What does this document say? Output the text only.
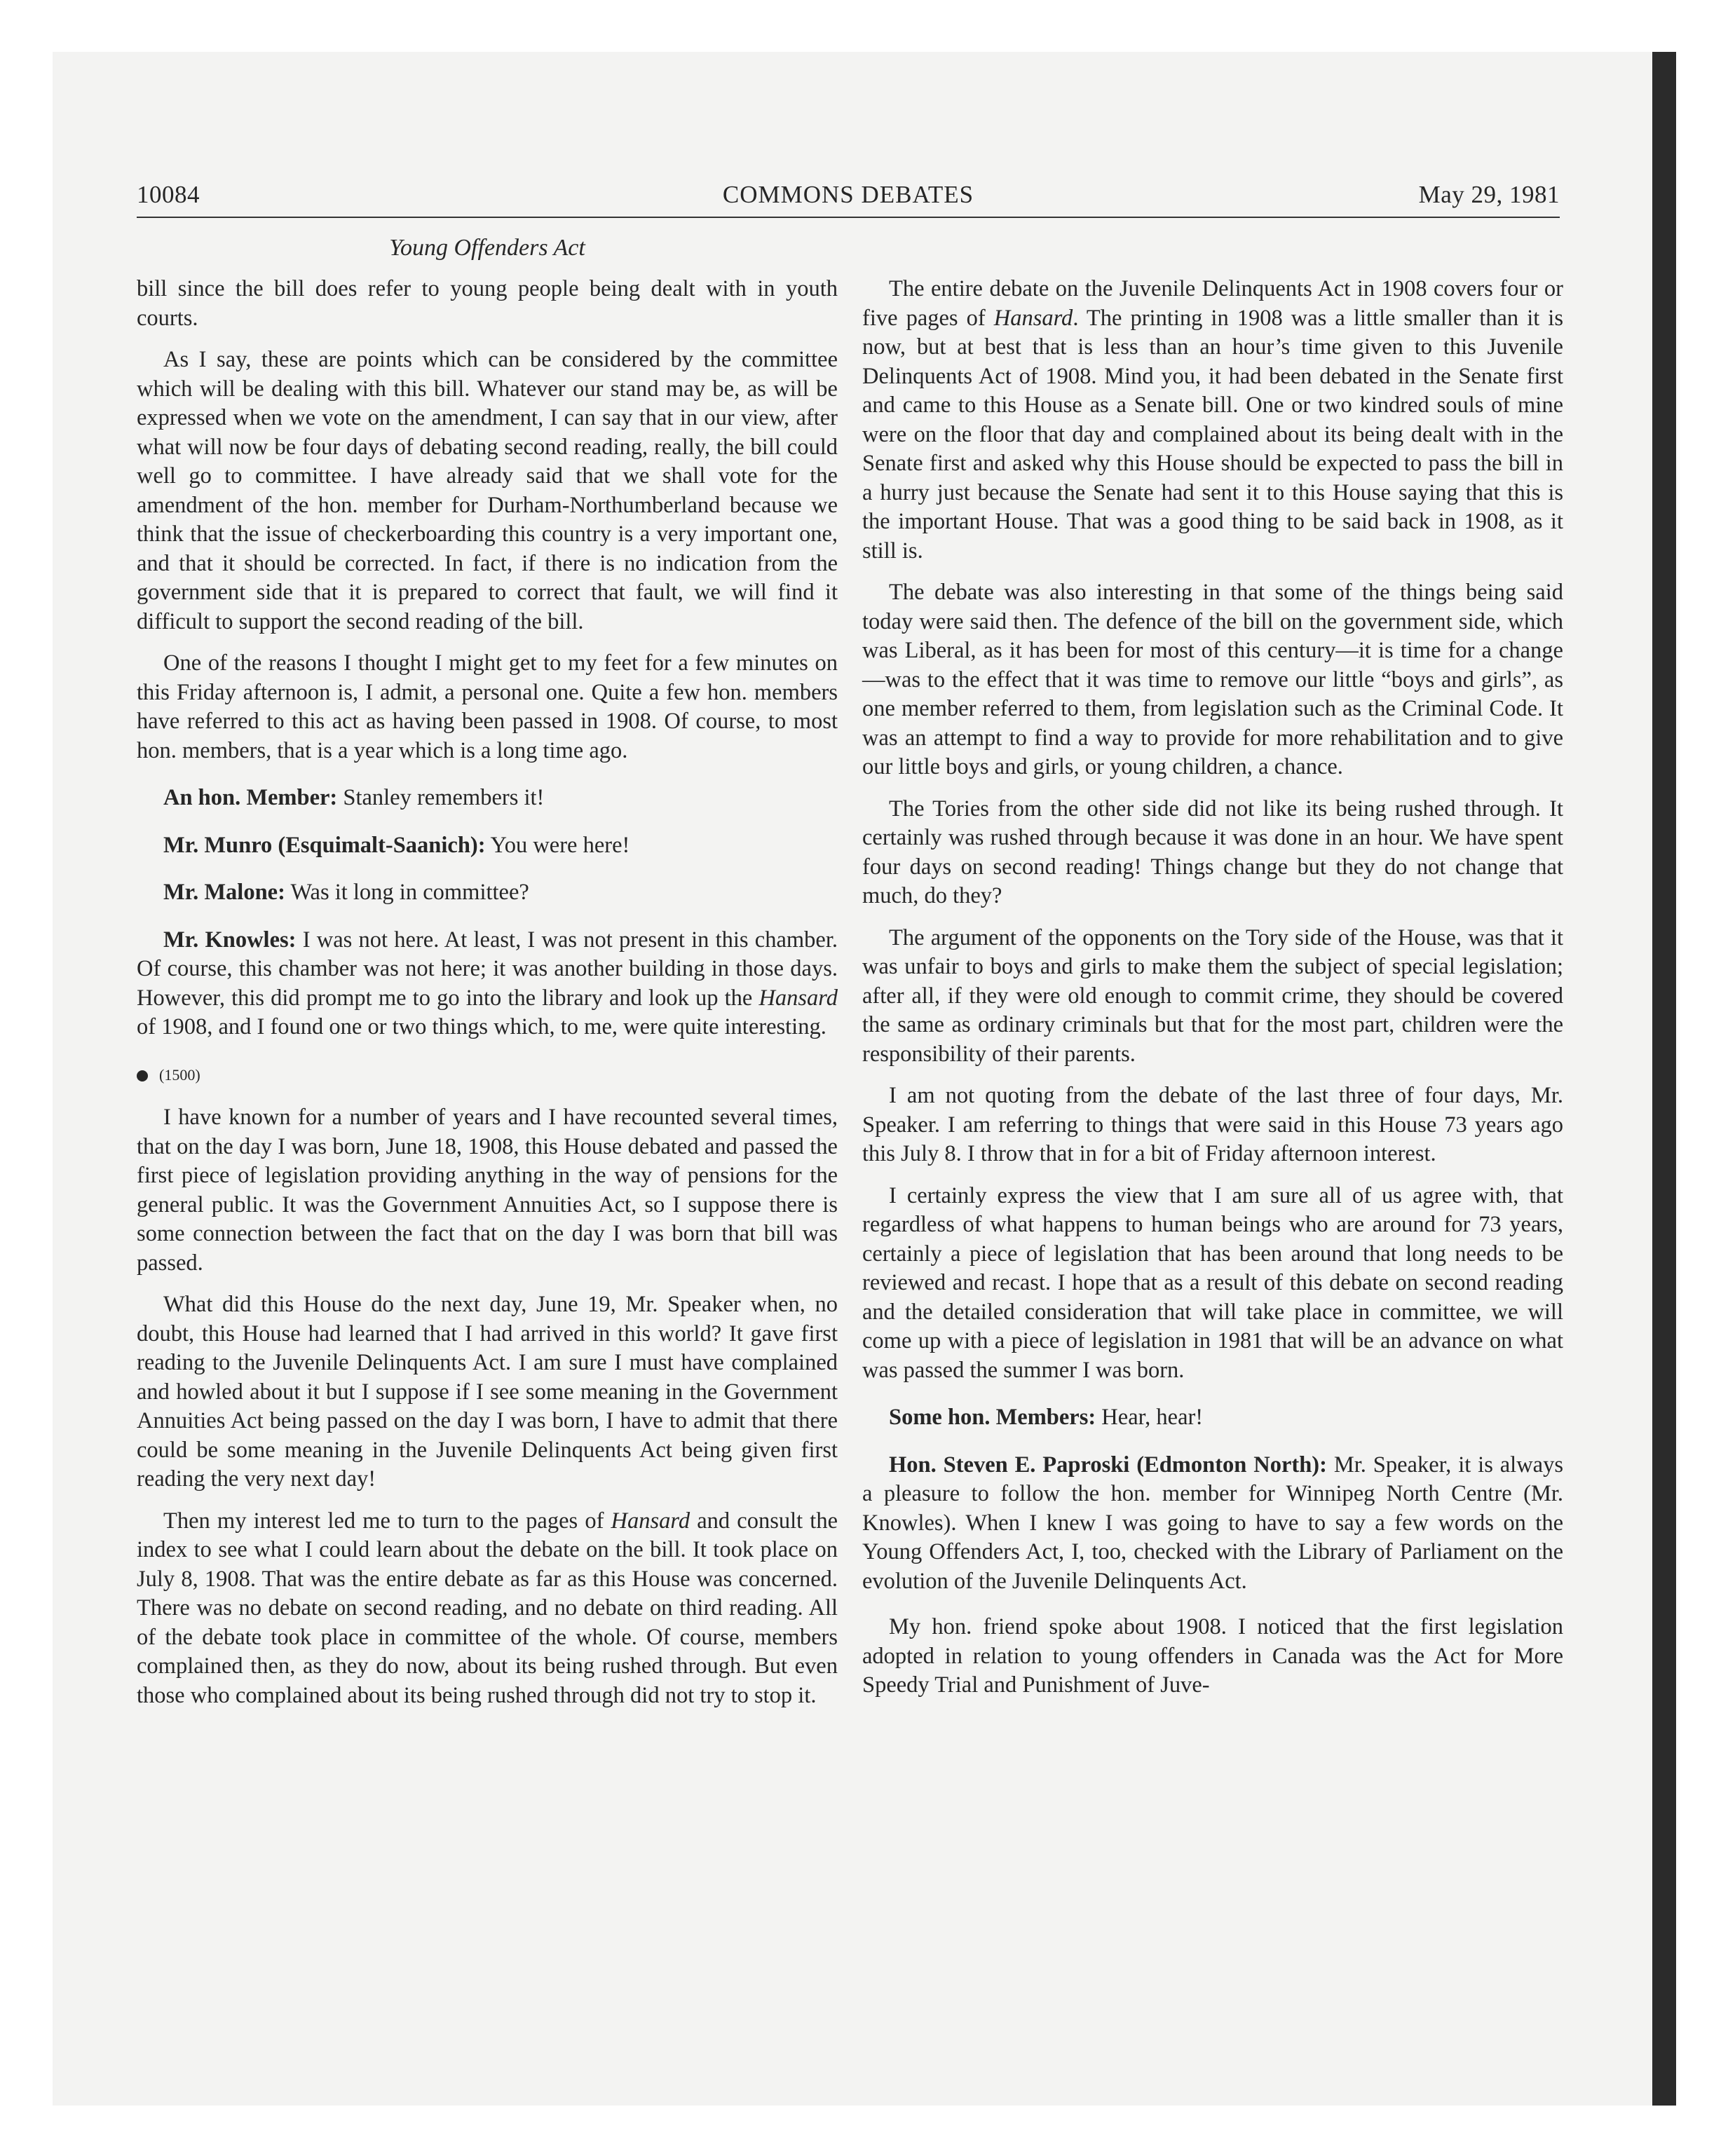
10084	COMMONS DEBATES	May 29, 1981
Young Offenders Act

bill since the bill does refer to young people being dealt with in youth courts.

As I say, these are points which can be considered by the committee which will be dealing with this bill. Whatever our stand may be, as will be expressed when we vote on the amendment, I can say that in our view, after what will now be four days of debating second reading, really, the bill could well go to committee. I have already said that we shall vote for the amendment of the hon. member for Durham-Northumberland because we think that the issue of checkerboarding this country is a very important one, and that it should be corrected. In fact, if there is no indication from the government side that it is prepared to correct that fault, we will find it difficult to support the second reading of the bill.

One of the reasons I thought I might get to my feet for a few minutes on this Friday afternoon is, I admit, a personal one. Quite a few hon. members have referred to this act as having been passed in 1908. Of course, to most hon. members, that is a year which is a long time ago.

An hon. Member: Stanley remembers it!

Mr. Munro (Esquimalt-Saanich): You were here!

Mr. Malone: Was it long in committee?

Mr. Knowles: I was not here. At least, I was not present in this chamber. Of course, this chamber was not here; it was another building in those days. However, this did prompt me to go into the library and look up the Hansard of 1908, and I found one or two things which, to me, were quite interesting.

(1500)

I have known for a number of years and I have recounted several times, that on the day I was born, June 18, 1908, this House debated and passed the first piece of legislation providing anything in the way of pensions for the general public. It was the Government Annuities Act, so I suppose there is some connection between the fact that on the day I was born that bill was passed.

What did this House do the next day, June 19, Mr. Speaker when, no doubt, this House had learned that I had arrived in this world? It gave first reading to the Juvenile Delinquents Act. I am sure I must have complained and howled about it but I suppose if I see some meaning in the Government Annuities Act being passed on the day I was born, I have to admit that there could be some meaning in the Juvenile Delinquents Act being given first reading the very next day!

Then my interest led me to turn to the pages of Hansard and consult the index to see what I could learn about the debate on the bill. It took place on July 8, 1908. That was the entire debate as far as this House was concerned. There was no debate on second reading, and no debate on third reading. All of the debate took place in committee of the whole. Of course, members complained then, as they do now, about its being rushed through. But even those who complained about its being rushed through did not try to stop it.

The entire debate on the Juvenile Delinquents Act in 1908 covers four or five pages of Hansard. The printing in 1908 was a little smaller than it is now, but at best that is less than an hour’s time given to this Juvenile Delinquents Act of 1908. Mind you, it had been debated in the Senate first and came to this House as a Senate bill. One or two kindred souls of mine were on the floor that day and complained about its being dealt with in the Senate first and asked why this House should be expected to pass the bill in a hurry just because the Senate had sent it to this House saying that this is the important House. That was a good thing to be said back in 1908, as it still is.

The debate was also interesting in that some of the things being said today were said then. The defence of the bill on the government side, which was Liberal, as it has been for most of this century—it is time for a change—was to the effect that it was time to remove our little “boys and girls”, as one member referred to them, from legislation such as the Criminal Code. It was an attempt to find a way to provide for more rehabilitation and to give our little boys and girls, or young children, a chance.

The Tories from the other side did not like its being rushed through. It certainly was rushed through because it was done in an hour. We have spent four days on second reading! Things change but they do not change that much, do they?

The argument of the opponents on the Tory side of the House, was that it was unfair to boys and girls to make them the subject of special legislation; after all, if they were old enough to commit crime, they should be covered the same as ordinary criminals but that for the most part, children were the responsibility of their parents.

I am not quoting from the debate of the last three of four days, Mr. Speaker. I am referring to things that were said in this House 73 years ago this July 8. I throw that in for a bit of Friday afternoon interest.

I certainly express the view that I am sure all of us agree with, that regardless of what happens to human beings who are around for 73 years, certainly a piece of legislation that has been around that long needs to be reviewed and recast. I hope that as a result of this debate on second reading and the detailed consideration that will take place in committee, we will come up with a piece of legislation in 1981 that will be an advance on what was passed the summer I was born.

Some hon. Members: Hear, hear!

Hon. Steven E. Paproski (Edmonton North): Mr. Speaker, it is always a pleasure to follow the hon. member for Winnipeg North Centre (Mr. Knowles). When I knew I was going to have to say a few words on the Young Offenders Act, I, too, checked with the Library of Parliament on the evolution of the Juvenile Delinquents Act.

My hon. friend spoke about 1908. I noticed that the first legislation adopted in relation to young offenders in Canada was the Act for More Speedy Trial and Punishment of Juve-
